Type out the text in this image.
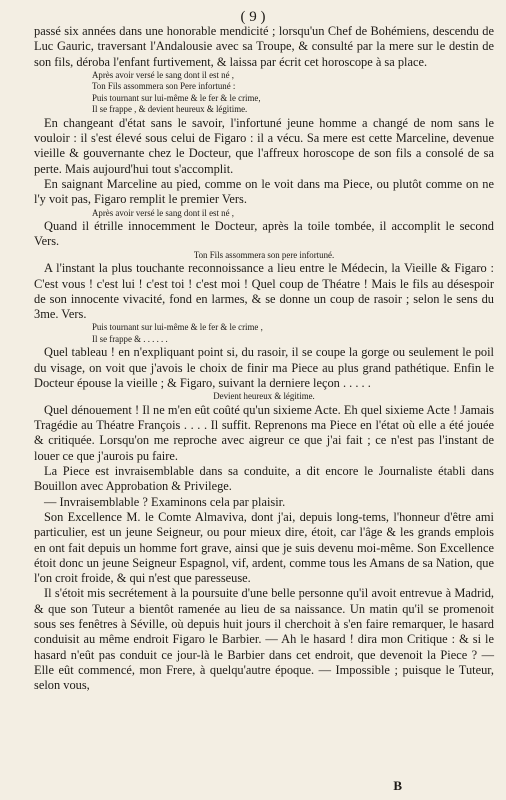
( 9 )

passé six années dans une honorable mendicité ; lorsqu'un Chef de Bohémiens, descendu de Luc Gauric, traversant l'Andalousie avec sa Troupe, & consulté par la mere sur le destin de son fils, déroba l'enfant furtivement, & laissa par écrit cet horoscope à sa place.

Après avoir versé le sang dont il est né ,

Ton Fils assommera son Pere infortuné :

Puis tournant sur lui-même & le fer & le crime,

Il se frappe , & devient heureux & légitime.

En changeant d'état sans le savoir, l'infortuné jeune homme a changé de nom sans le vouloir : il s'est élevé sous celui de Figaro : il a vécu. Sa mere est cette Marceline, devenue vieille & gouvernante chez le Docteur, que l'affreux horoscope de son fils a consolé de sa perte. Mais aujourd'hui tout s'accomplit.

En saignant Marceline au pied, comme on le voit dans ma Piece, ou plutôt comme on ne l'y voit pas, Figaro remplit le premier Vers.

Après avoir versé le sang dont il est né ,

Quand il étrille innocemment le Docteur, après la toile tombée, il accomplit le second Vers.

Ton Fils assommera son pere infortuné.

A l'instant la plus touchante reconnoissance a lieu entre le Médecin, la Vieille & Figaro : C'est vous ! c'est lui ! c'est toi ! c'est moi ! Quel coup de Théatre ! Mais le fils au désespoir de son innocente vivacité, fond en larmes, & se donne un coup de rasoir ; selon le sens du 3me. Vers.

Puis tournant sur lui-même & le fer & le crime ,

Il se frappe & . . . . . .

Quel tableau ! en n'expliquant point si, du rasoir, il se coupe la gorge ou seulement le poil du visage, on voit que j'avois le choix de finir ma Piece au plus grand pathétique. Enfin le Docteur épouse la vieille ; & Figaro, suivant la derniere leçon . . . . .

Devient heureux & légitime.

Quel dénouement ! Il ne m'en eût coûté qu'un sixieme Acte. Eh quel sixieme Acte ! Jamais Tragédie au Théatre François . . . . Il suffit. Reprenons ma Piece en l'état où elle a été jouée & critiquée. Lorsqu'on me reproche avec aigreur ce que j'ai fait ; ce n'est pas l'instant de louer ce que j'aurois pu faire.

La Piece est invraisemblable dans sa conduite, a dit encore le Journaliste établi dans Bouillon avec Approbation & Privilege.

— Invraisemblable ? Examinons cela par plaisir.

Son Excellence M. le Comte Almaviva, dont j'ai, depuis long-tems, l'honneur d'être ami particulier, est un jeune Seigneur, ou pour mieux dire, étoit, car l'âge & les grands emplois en ont fait depuis un homme fort grave, ainsi que je suis devenu moi-même. Son Excellence étoit donc un jeune Seigneur Espagnol, vif, ardent, comme tous les Amans de sa Nation, que l'on croit froide, & qui n'est que paresseuse.

Il s'étoit mis secrétement à la poursuite d'une belle personne qu'il avoit entrevue à Madrid, & que son Tuteur a bientôt ramenée au lieu de sa naissance. Un matin qu'il se promenoit sous ses fenêtres à Séville, où depuis huit jours il cherchoit à s'en faire remarquer, le hasard conduisit au même endroit Figaro le Barbier. — Ah le hasard ! dira mon Critique : & si le hasard n'eût pas conduit ce jour-là le Barbier dans cet endroit, que devenoit la Piece ? — Elle eût commencé, mon Frere, à quelqu'autre époque. — Impossible ; puisque le Tuteur, selon vous,

B
